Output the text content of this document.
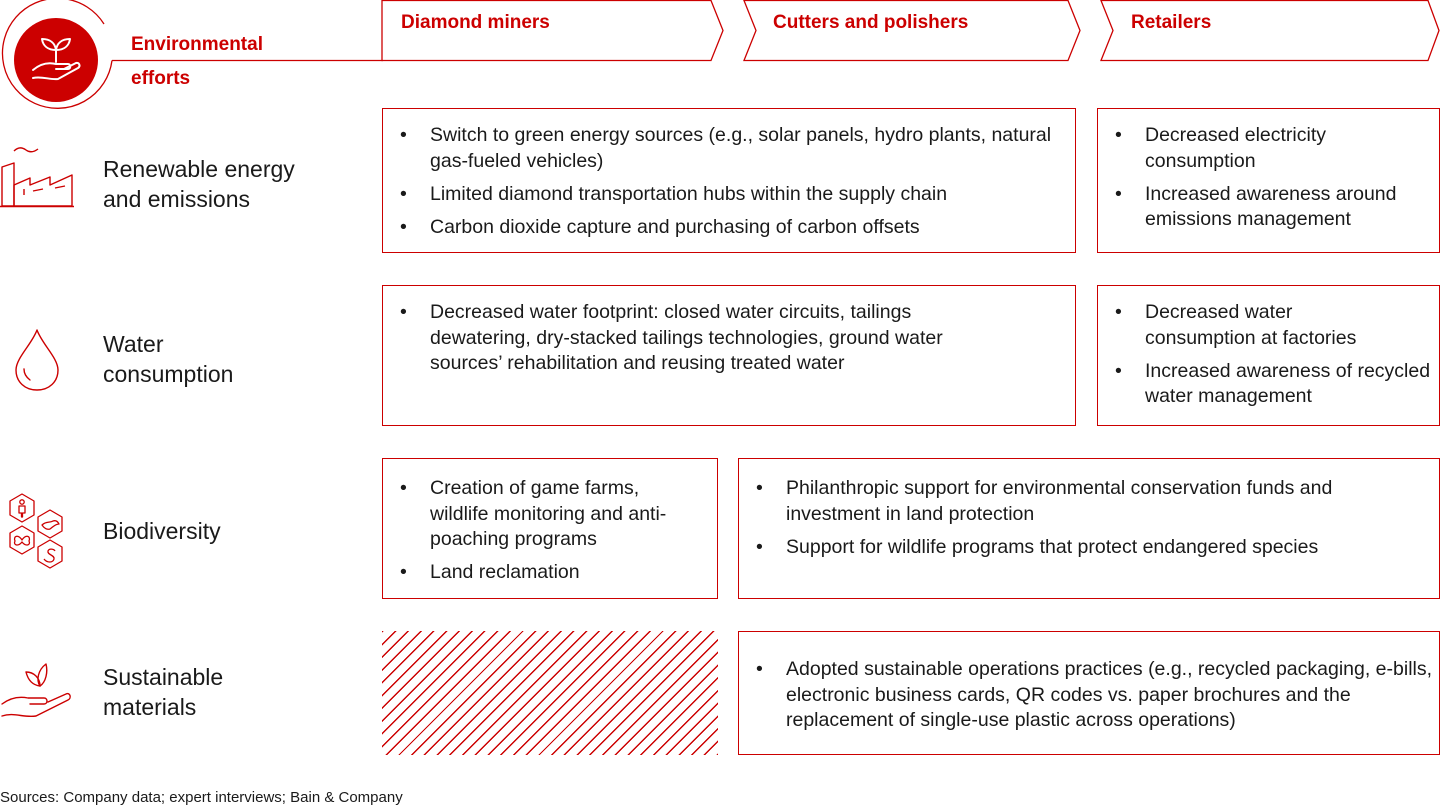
Environmental
efforts
Diamond miners	Cutters and polishers	Retailers
Renewable energy
and emissions
• Switch to green energy sources (e.g., solar panels, hydro plants, natural gas-fueled vehicles)
• Limited diamond transportation hubs within the supply chain
• Carbon dioxide capture and purchasing of carbon offsets
• Decreased electricity consumption
• Increased awareness around emissions management
Water
consumption
• Decreased water footprint: closed water circuits, tailings dewatering, dry-stacked tailings technologies, ground water sources’ rehabilitation and reusing treated water
• Decreased water consumption at factories
• Increased awareness of recycled water management
Biodiversity
• Creation of game farms, wildlife monitoring and anti-poaching programs
• Land reclamation
• Philanthropic support for environmental conservation funds and investment in land protection
• Support for wildlife programs that protect endangered species
Sustainable
materials
• Adopted sustainable operations practices (e.g., recycled packaging, e-bills, electronic business cards, QR codes vs. paper brochures and the replacement of single-use plastic across operations)
Sources: Company data; expert interviews; Bain & Company
